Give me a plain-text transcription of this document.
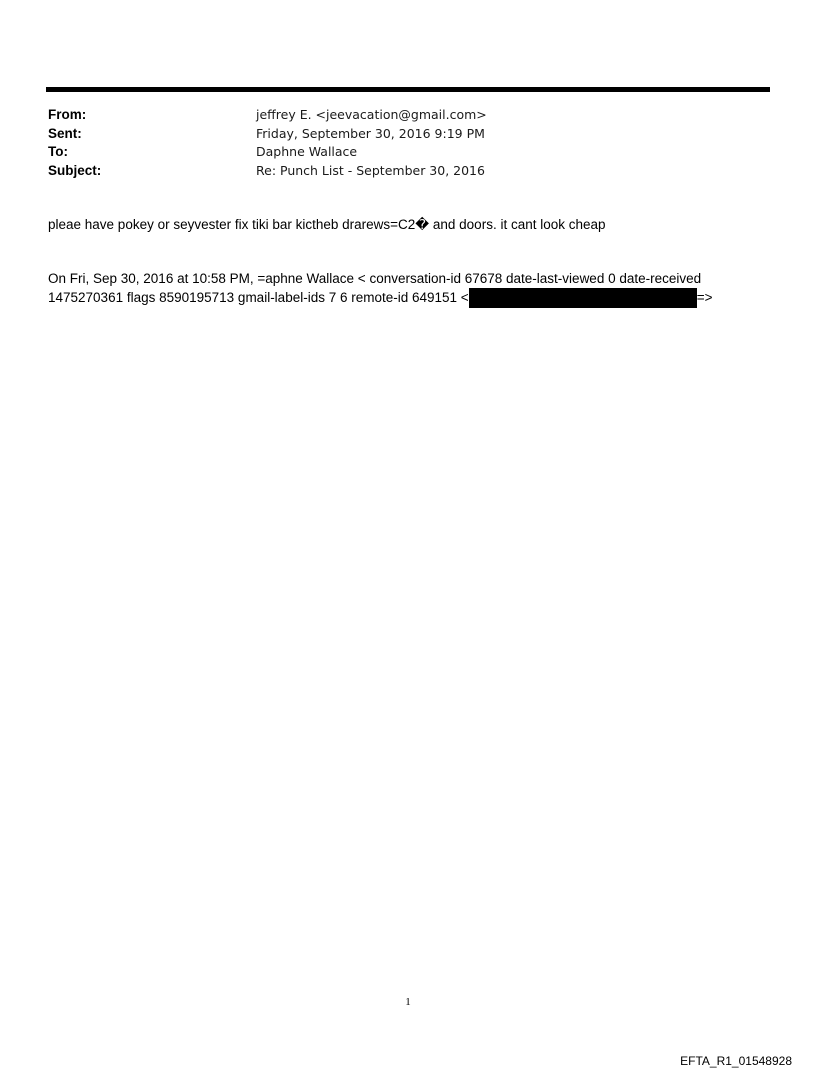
From:	jeffrey E. <jeevacation@gmail.com>
Sent:	Friday, September 30, 2016 9:19 PM
To:	Daphne Wallace
Subject:	Re: Punch List - September 30, 2016
pleae have pokey or seyvester fix tiki bar kictheb drarews=C2� and doors. it cant look cheap
On Fri, Sep 30, 2016 at 10:58 PM, =aphne Wallace < conversation-id 67678 date-last-viewed 0 date-received
1475270361 flags 8590195713 gmail-label-ids 7 6 remote-id 649151 <	=>
1
EFTA_R1_01548928
